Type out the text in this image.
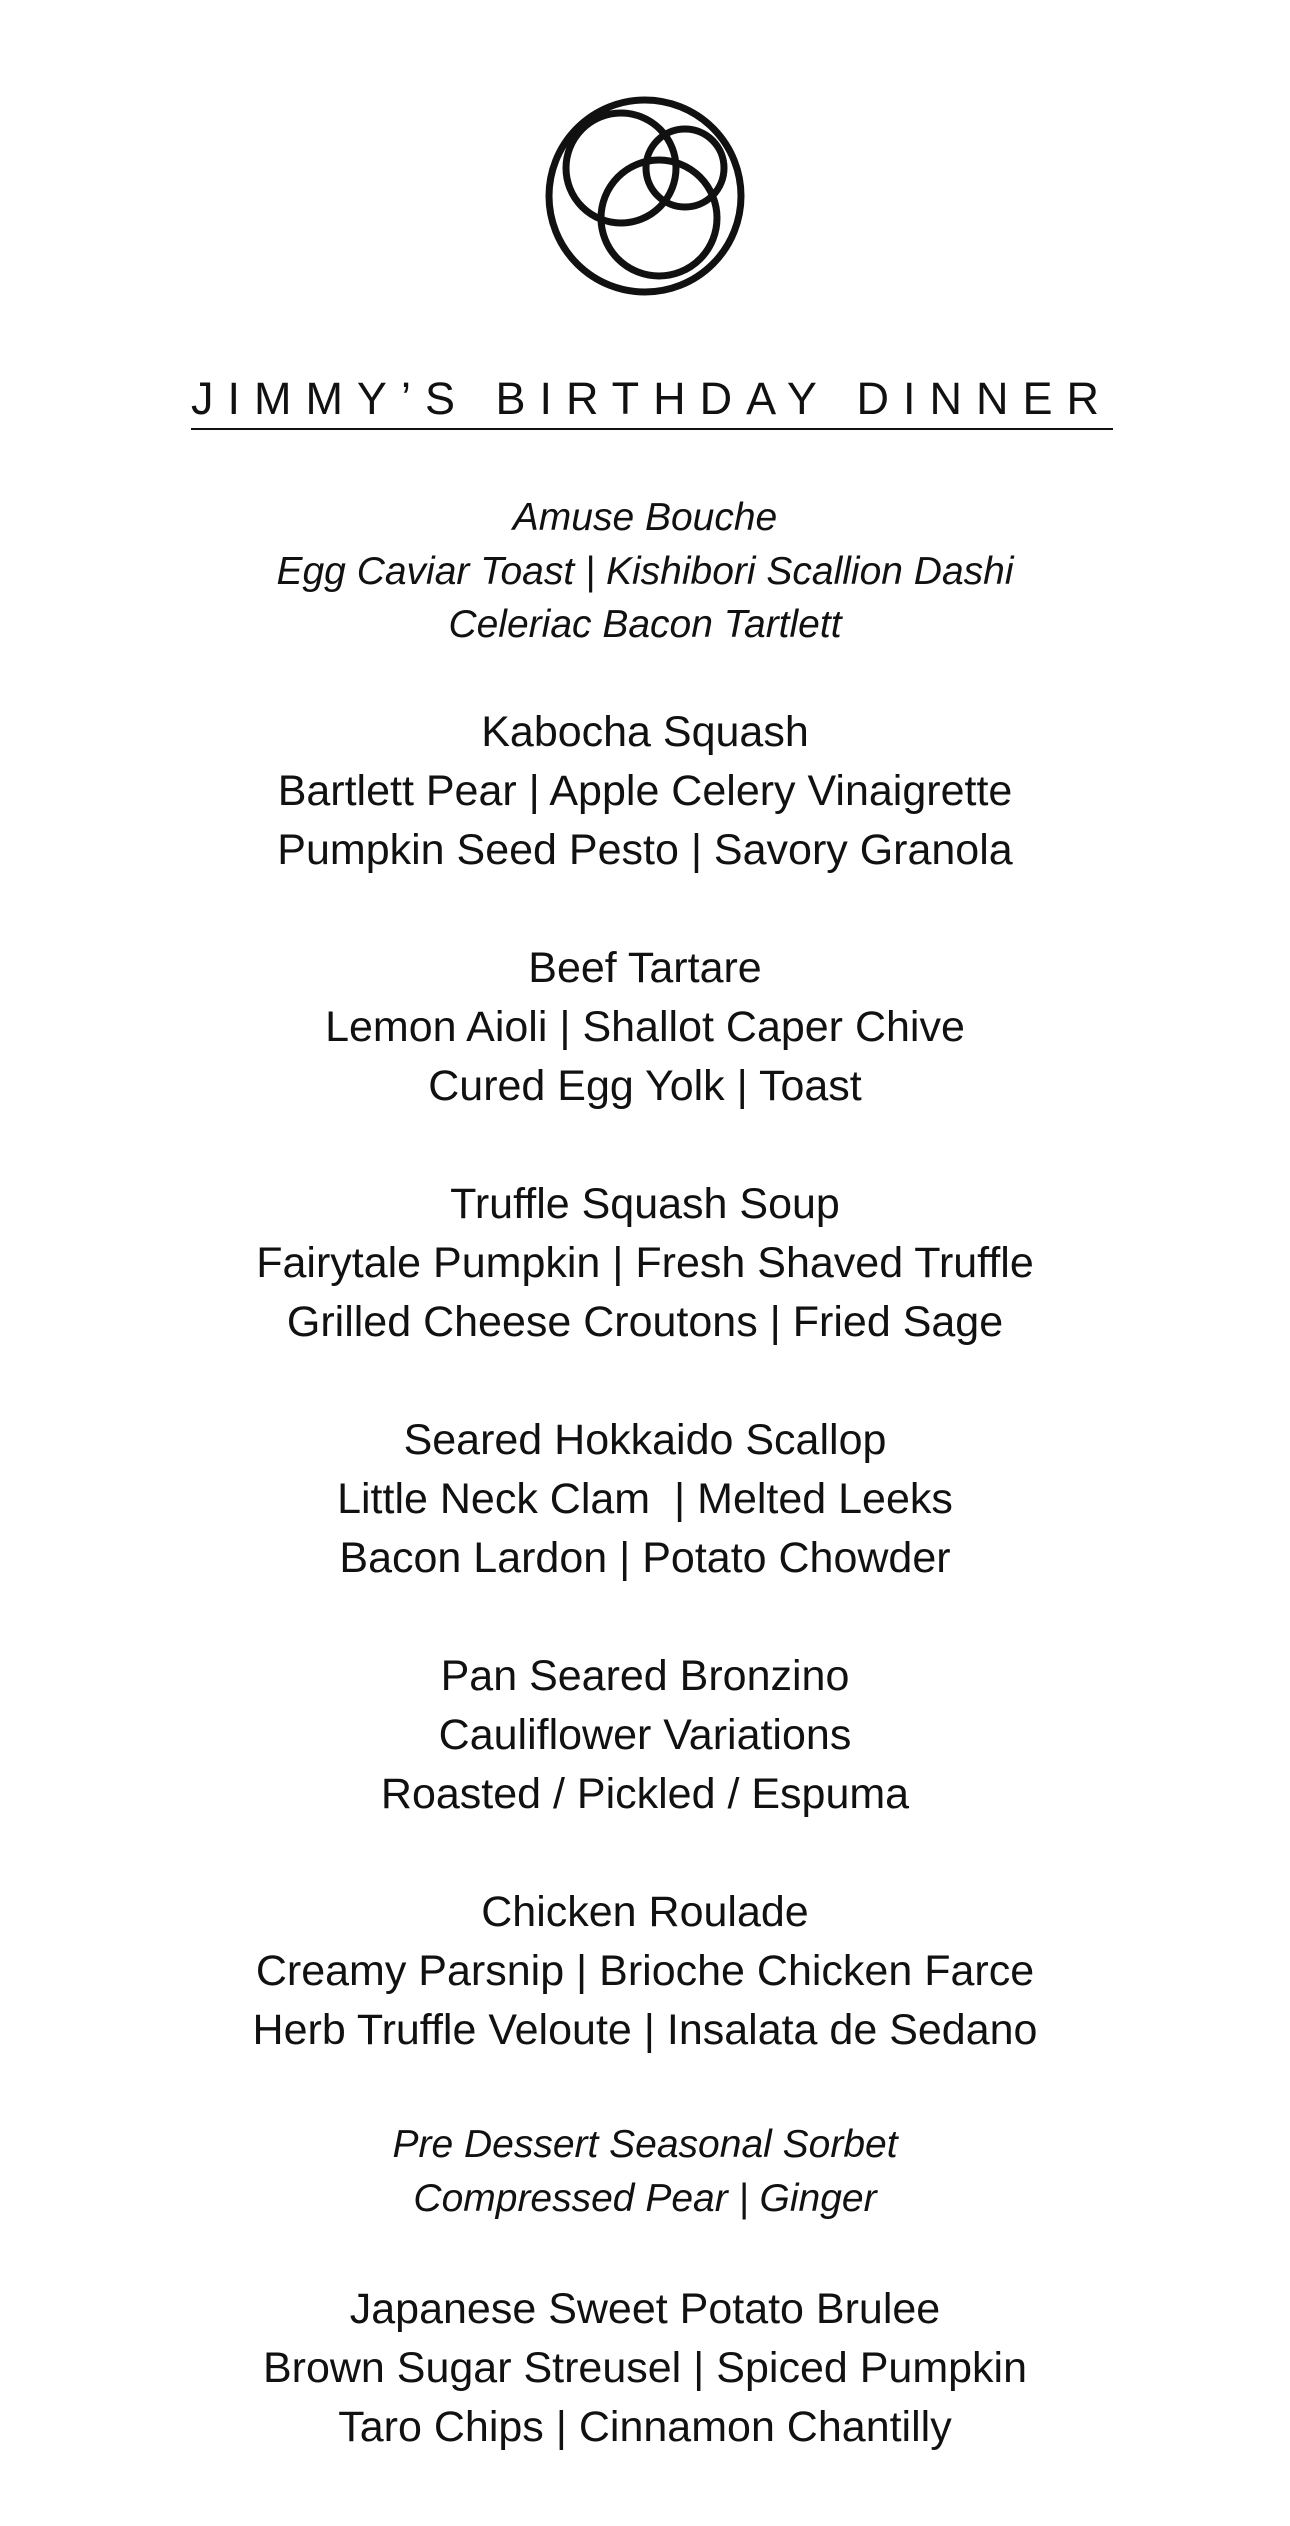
JIMMY’S BIRTHDAY DINNER
Amuse Bouche
Egg Caviar Toast | Kishibori Scallion Dashi
Celeriac Bacon Tartlett
Kabocha Squash
Bartlett Pear | Apple Celery Vinaigrette
Pumpkin Seed Pesto | Savory Granola
Beef Tartare
Lemon Aioli | Shallot Caper Chive
Cured Egg Yolk | Toast
Truffle Squash Soup
Fairytale Pumpkin | Fresh Shaved Truffle
Grilled Cheese Croutons | Fried Sage
Seared Hokkaido Scallop
Little Neck Clam  | Melted Leeks
Bacon Lardon | Potato Chowder
Pan Seared Bronzino
Cauliflower Variations
Roasted / Pickled / Espuma
Chicken Roulade
Creamy Parsnip | Brioche Chicken Farce
Herb Truffle Veloute | Insalata de Sedano
Pre Dessert Seasonal Sorbet
Compressed Pear | Ginger
Japanese Sweet Potato Brulee
Brown Sugar Streusel | Spiced Pumpkin
Taro Chips | Cinnamon Chantilly
